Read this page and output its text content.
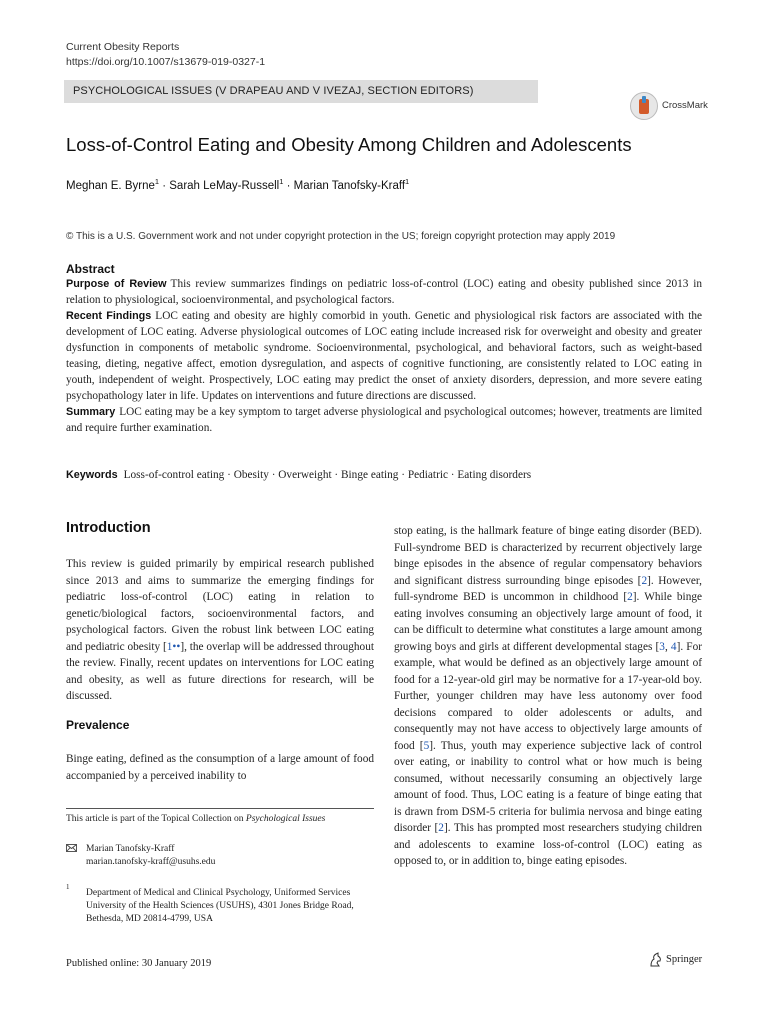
Current Obesity Reports
https://doi.org/10.1007/s13679-019-0327-1
PSYCHOLOGICAL ISSUES (V DRAPEAU AND V IVEZAJ, SECTION EDITORS)
CrossMark
Loss-of-Control Eating and Obesity Among Children and Adolescents
Meghan E. Byrne$^1$ · Sarah LeMay-Russell$^1$ · Marian Tanofsky-Kraff$^1$
© This is a U.S. Government work and not under copyright protection in the US; foreign copyright protection may apply 2019
Abstract

Purpose of Review This review summarizes findings on pediatric loss-of-control (LOC) eating and obesity published since 2013 in relation to physiological, socioenvironmental, and psychological factors.

Recent Findings LOC eating and obesity are highly comorbid in youth. Genetic and physiological risk factors are associated with the development of LOC eating. Adverse physiological outcomes of LOC eating include increased risk for overweight and obesity and greater dysfunction in components of metabolic syndrome. Socioenvironmental, psychological, and behavioral factors, such as weight-based teasing, dieting, negative affect, emotion dysregulation, and aspects of cognitive functioning, are consistently related to LOC eating in youth, independent of weight. Prospectively, LOC eating may predict the onset of anxiety disorders, depression, and more severe eating psychopathology later in life. Updates on interventions and future directions are discussed.

Summary LOC eating may be a key symptom to target adverse physiological and psychological outcomes; however, treatments are limited and require further examination.

Keywords Loss-of-control eating · Obesity · Overweight · Binge eating · Pediatric · Eating disorders
Introduction

This review is guided primarily by empirical research published since 2013 and aims to summarize the emerging findings for pediatric loss-of-control (LOC) eating in relation to genetic/biological factors, socioenvironmental factors, and psychological factors. Given the robust link between LOC eating and pediatric obesity [1••], the overlap will be addressed throughout the review. Finally, recent updates on interventions for LOC eating and obesity, as well as future directions for research, will be discussed.

Prevalence

Binge eating, defined as the consumption of a large amount of food accompanied by a perceived inability to

stop eating, is the hallmark feature of binge eating disorder (BED). Full-syndrome BED is characterized by recurrent objectively large binge episodes in the absence of regular compensatory behaviors and significant distress surrounding binge episodes [2]. However, full-syndrome BED is uncommon in childhood [2]. While binge eating involves consuming an objectively large amount of food, it can be difficult to determine what constitutes a large amount among growing boys and girls at different developmental stages [3, 4]. For example, what would be defined as an objectively large amount of food for a 12-year-old girl may be normative for a 17-year-old boy. Further, younger children may have less autonomy over food decisions compared to older adolescents or adults, and consequently may not have access to objectively large amounts of food [5]. Thus, youth may experience subjective lack of control over eating, or inability to control what or how much is being consumed, without necessarily consuming an objectively large amount of food. Thus, LOC eating is a feature of binge eating that is drawn from DSM-5 criteria for bulimia nervosa and binge eating disorder [2]. This has prompted most researchers studying children and adolescents to examine loss-of-control (LOC) eating as opposed to, or in addition to, binge eating episodes.

This article is part of the Topical Collection on Psychological Issues
Marian Tanofsky-Kraff
marian.tanofsky-kraff@usuhs.edu
1
Department of Medical and Clinical Psychology, Uniformed Services University of the Health Sciences (USUHS), 4301 Jones Bridge Road, Bethesda, MD 20814-4799, USA
Published online: 30 January 2019	Springer
